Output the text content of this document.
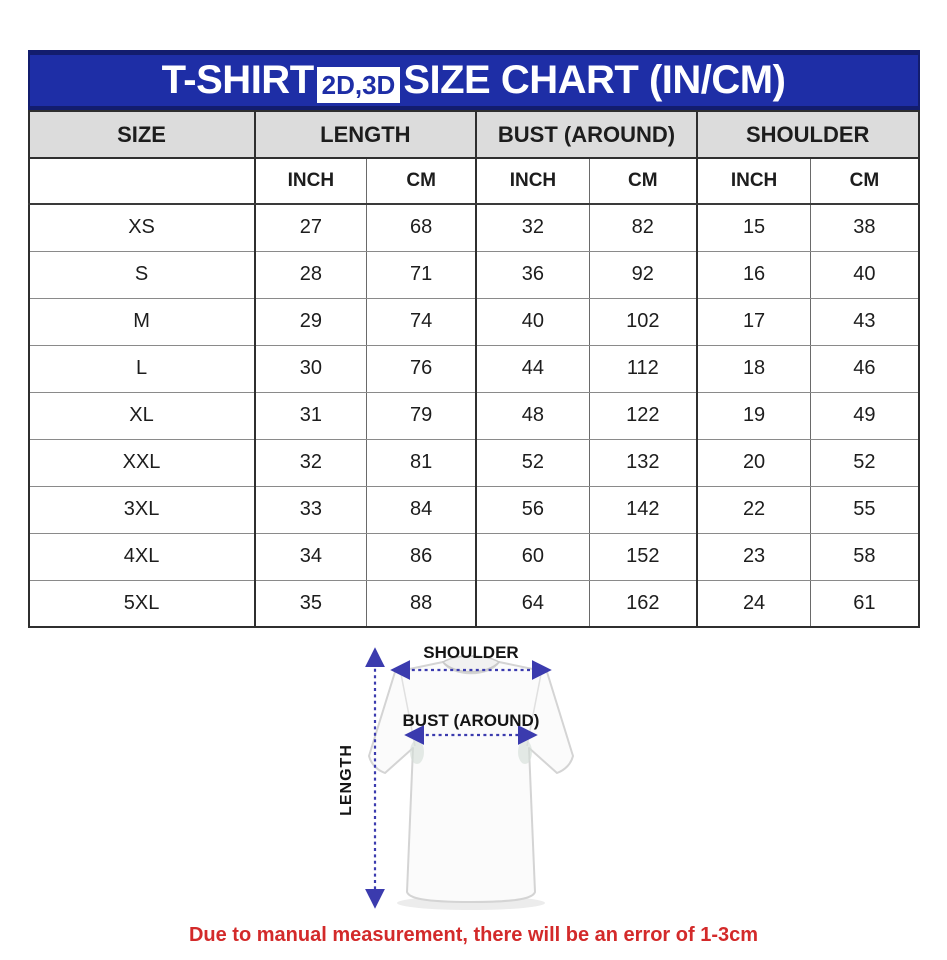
T-SHIRT 2D,3D SIZE CHART (IN/CM)
SIZE	LENGTH		BUST (AROUND)		SHOULDER	
	INCH	CM	INCH	CM	INCH	CM
XS	27	68	32	82	15	38
S	28	71	36	92	16	40
M	29	74	40	102	17	43
L	30	76	44	112	18	46
XL	31	79	48	122	19	49
XXL	32	81	52	132	20	52
3XL	33	84	56	142	22	55
4XL	34	86	60	152	23	58
5XL	35	88	64	162	24	61
SHOULDER
BUST (AROUND)
LENGTH
Due to manual measurement, there will be an error of 1-3cm
